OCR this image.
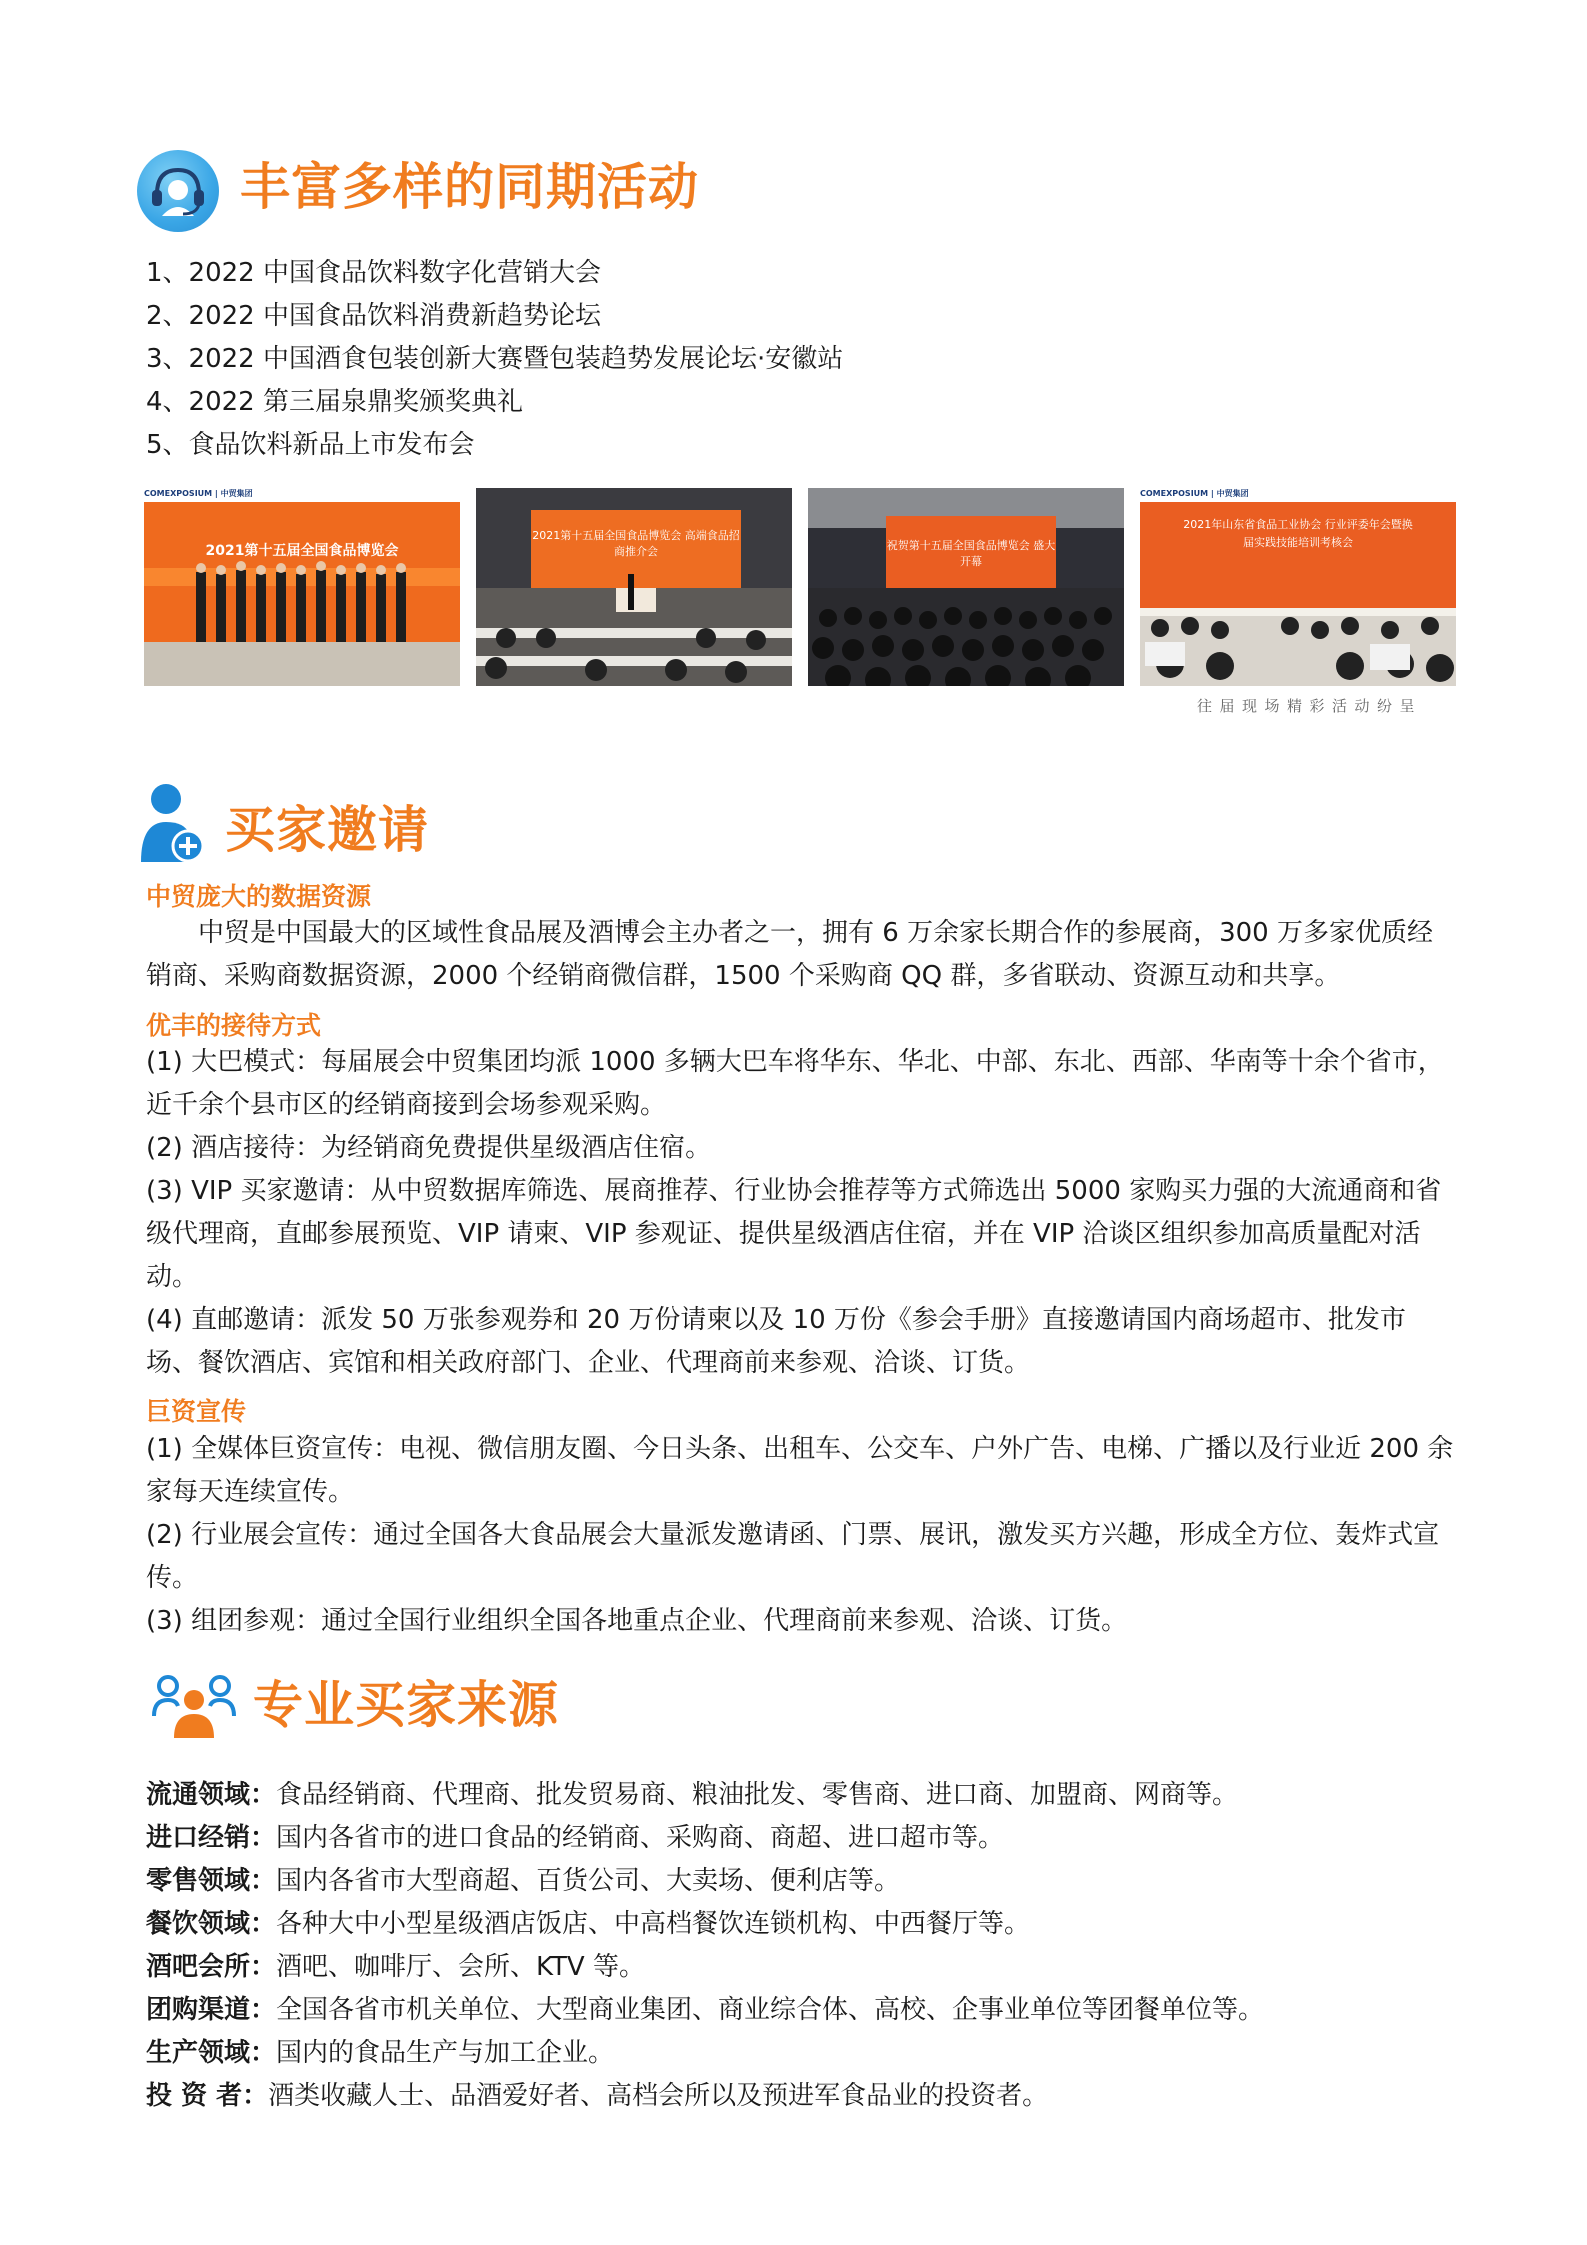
丰富多样的同期活动
1、2022 中国食品饮料数字化营销大会
2、2022 中国食品饮料消费新趋势论坛
3、2022 中国酒食包装创新大赛暨包装趋势发展论坛·安徽站
4、2022 第三届泉鼎奖颁奖典礼
5、食品饮料新品上市发布会
COMEXPOSIUM | 中贸集团
2021第十五届全国食品博览会
2021第十五届全国食品博览会 高端食品招商推介会	祝贺第十五届全国食品博览会 盛大开幕
COMEXPOSIUM | 中贸集团
2021年山东省食品工业协会 行业评委年会暨换届实践技能培训考核会
往届现场精彩活动纷呈
买家邀请
中贸庞大的数据资源
中贸是中国最大的区域性食品展及酒博会主办者之一，拥有 6 万余家长期合作的参展商，300 万多家优质经销商、采购商数据资源，2000 个经销商微信群，1500 个采购商 QQ 群，多省联动、资源互动和共享。
优丰的接待方式

(1) 大巴模式：每届展会中贸集团均派 1000 多辆大巴车将华东、华北、中部、东北、西部、华南等十余个省市，近千余个县市区的经销商接到会场参观采购。

(2) 酒店接待：为经销商免费提供星级酒店住宿。

(3) VIP 买家邀请：从中贸数据库筛选、展商推荐、行业协会推荐等方式筛选出 5000 家购买力强的大流通商和省级代理商，直邮参展预览、VIP 请柬、VIP 参观证、提供星级酒店住宿，并在 VIP 洽谈区组织参加高质量配对活动。

(4) 直邮邀请：派发 50 万张参观券和 20 万份请柬以及 10 万份《参会手册》直接邀请国内商场超市、批发市场、餐饮酒店、宾馆和相关政府部门、企业、代理商前来参观、洽谈、订货。

巨资宣传

(1) 全媒体巨资宣传：电视、微信朋友圈、今日头条、出租车、公交车、户外广告、电梯、广播以及行业近 200 余家每天连续宣传。

(2) 行业展会宣传：通过全国各大食品展会大量派发邀请函、门票、展讯，激发买方兴趣，形成全方位、轰炸式宣传。

(3) 组团参观：通过全国行业组织全国各地重点企业、代理商前来参观、洽谈、订货。

专业买家来源
流通领域：食品经销商、代理商、批发贸易商、粮油批发、零售商、进口商、加盟商、网商等。
进口经销：国内各省市的进口食品的经销商、采购商、商超、进口超市等。
零售领域：国内各省市大型商超、百货公司、大卖场、便利店等。
餐饮领域：各种大中小型星级酒店饭店、中高档餐饮连锁机构、中西餐厅等。
酒吧会所：酒吧、咖啡厅、会所、KTV 等。
团购渠道：全国各省市机关单位、大型商业集团、商业综合体、高校、企事业单位等团餐单位等。
生产领域：国内的食品生产与加工企业。
投 资 者：酒类收藏人士、品酒爱好者、高档会所以及预进军食品业的投资者。
